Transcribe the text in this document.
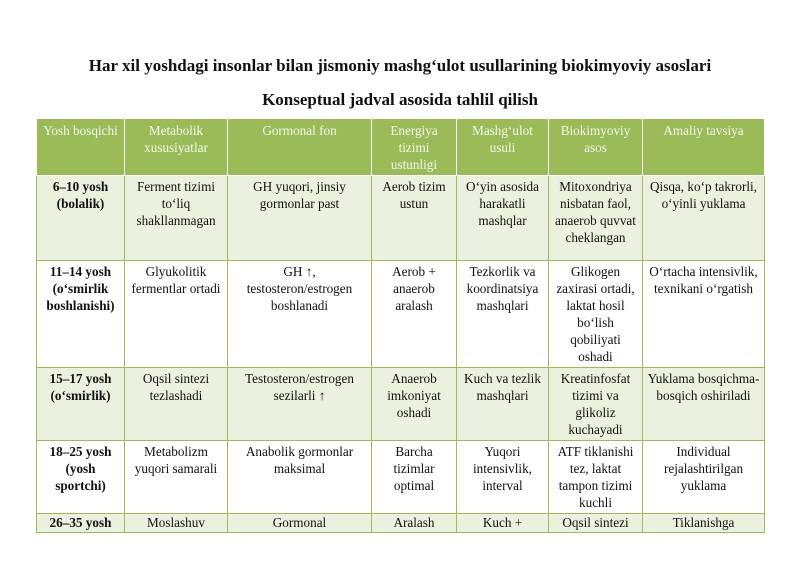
Har xil yoshdagi insonlar bilan jismoniy mashg‘ulot usullarining biokimyoviy asoslari
Konseptual jadval asosida tahlil qilish
Yosh bosqichi	Metabolik xususiyatlar	Gormonal fon	Energiya tizimi ustunligi	Mashg‘ulot usuli	Biokimyoviy asos	Amaliy tavsiya
6–10 yosh (bolalik)	Ferment tizimi to‘liq shakllanmagan	GH yuqori, jinsiy gormonlar past	Aerob tizim ustun	O‘yin asosida harakatli mashqlar	Mitoxondriya nisbatan faol, anaerob quvvat cheklangan	Qisqa, ko‘p takrorli, o‘yinli yuklama
11–14 yosh (o‘smirlik boshlanishi)	Glyukolitik fermentlar ortadi	GH ↑, testosteron/estrogen boshlanadi	Aerob + anaerob aralash	Tezkorlik va koordinatsiya mashqlari	Glikogen zaxirasi ortadi, laktat hosil bo‘lish qobiliyati oshadi	O‘rtacha intensivlik, texnikani o‘rgatish
15–17 yosh (o‘smirlik)	Oqsil sintezi tezlashadi	Testosteron/estrogen sezilarli ↑	Anaerob imkoniyat oshadi	Kuch va tezlik mashqlari	Kreatinfosfat tizimi va glikoliz kuchayadi	Yuklama bosqichma-bosqich oshiriladi
18–25 yosh (yosh sportchi)	Metabolizm yuqori samarali	Anabolik gormonlar maksimal	Barcha tizimlar optimal	Yuqori intensivlik, interval	ATF tiklanishi tez, laktat tampon tizimi kuchli	Individual rejalashtirilgan yuklama
26–35 yosh	Moslashuv	Gormonal	Aralash	Kuch +	Oqsil sintezi	Tiklanishga
